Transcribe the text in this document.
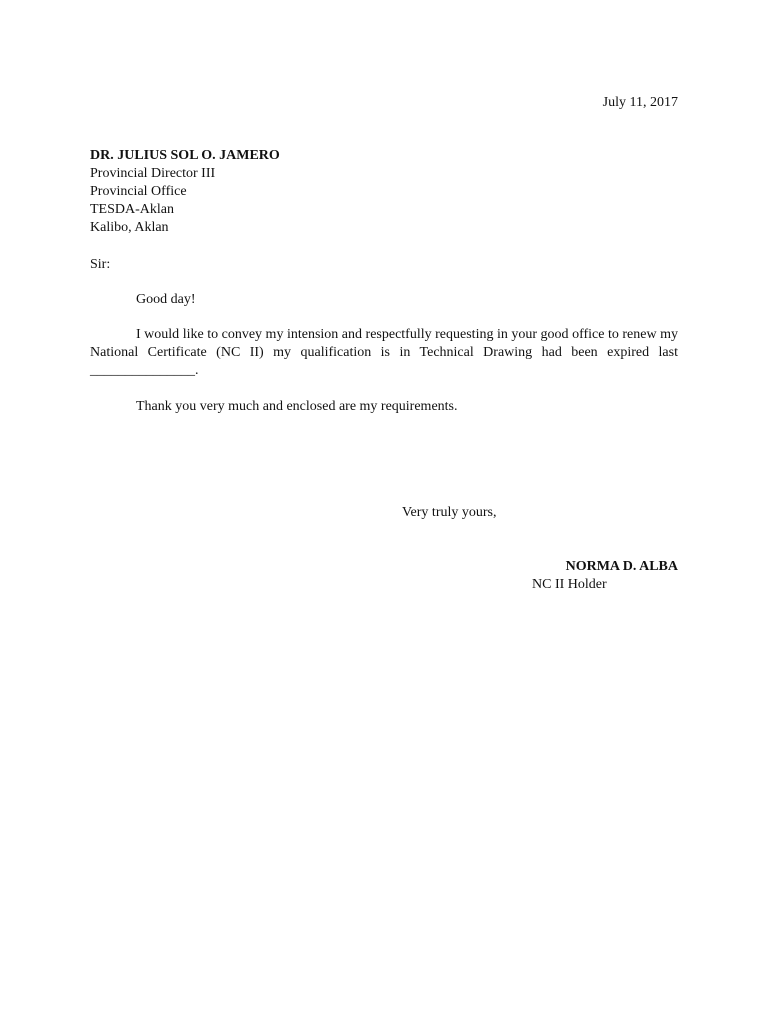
July 11, 2017
DR. JULIUS SOL O. JAMERO
Provincial Director III
Provincial Office
TESDA-Aklan
Kalibo, Aklan
Sir:
Good day!
I would like to convey my intension and respectfully requesting in your good office to renew my National Certificate (NC II) my qualification is in Technical Drawing had been expired last _______________.
Thank you very much and enclosed are my requirements.
Very truly yours,
NORMA D. ALBA
NC II Holder
